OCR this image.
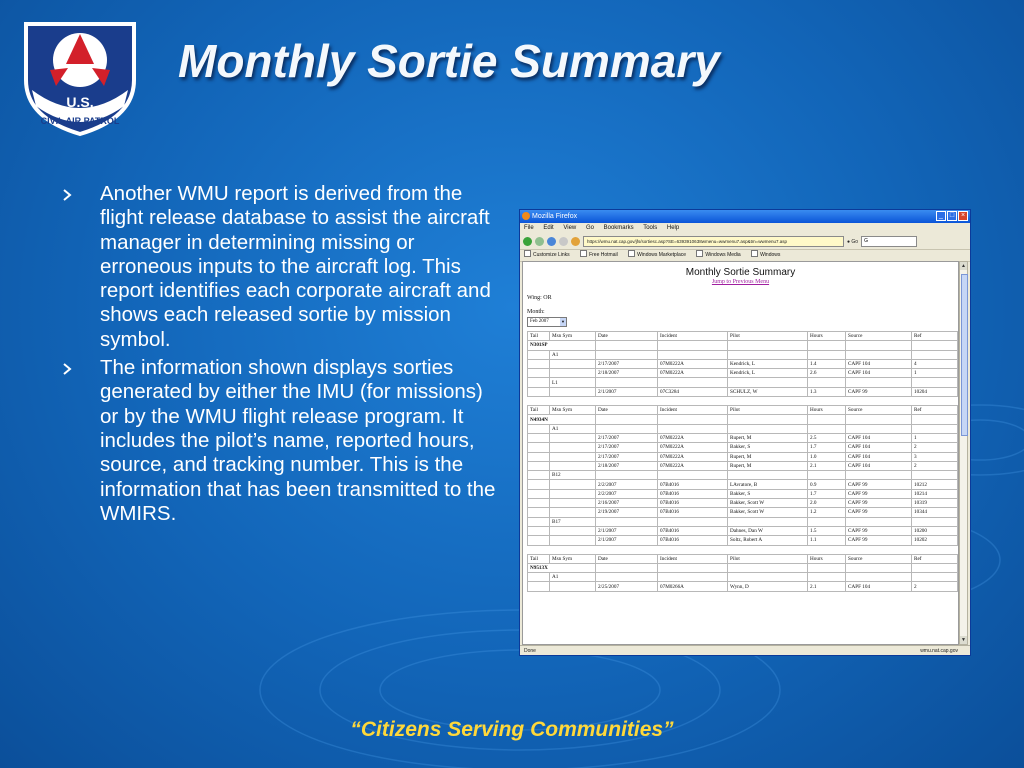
U.S.
CIVIL AIR PATROL
Monthly Sortie Summary
Another WMU report is derived from the flight release database to assist the aircraft manager in determining missing or erroneous inputs to the aircraft log. This report identifies each corporate aircraft and shows each released sortie by mission symbol.
The information shown displays sorties generated by either the IMU (for missions) or by the WMU flight release program. It includes the pilot’s name, reported hours, source, and tracking number. This is the information that has been transmitted to the WMIRS.
Mozilla Firefox	_ □ ×
File Edit View Go Bookmarks Tools Help
https://wmu.nat.cap.gov/jfs/sortiesc.asp?SE=6393910638wmenu=wwmenu7.asp&tm=wwmenu7.asp	● Go	G
Customize Links	Free Hotmail	Windows Marketplace	Windows Media	Windows
Monthly Sortie Summary
Jump to Previous Menu
Wing: OR
Month:
Feb 2007	▼
Tail	Msn Sym	Date	Incident	Pilot	Hours	Source	Ref
N301SP							
	A1						
		2/17/2007	07M0222A	Kendrick, L	1.4	CAPF 104	4
		2/18/2007	07M0222A	Kendrick, L	2.6	CAPF 104	1
	L1						
		2/1/2007	07C3284	SCHULZ, W	1.3	CAPF 99	10204
Tail	Msn Sym	Date	Incident	Pilot	Hours	Source	Ref
N4934N							
	A1						
		2/17/2007	07M0222A	Rupert, M	2.5	CAPF 104	1
		2/17/2007	07M0222A	Bakker, S	1.7	CAPF 104	2
		2/17/2007	07M0222A	Rupert, M	1.0	CAPF 104	3
		2/18/2007	07M0222A	Rupert, M	2.1	CAPF 104	2
	B12						
		2/2/2007	07B4016	LAvratore, B	0.9	CAPF 99	10212
		2/2/2007	07B4016	Bakker, S	1.7	CAPF 99	10214
		2/16/2007	07B4016	Bakker, Scott W	2.0	CAPF 99	10319
		2/19/2007	07B4016	Bakker, Scott W	1.2	CAPF 99	10344
	B17						
		2/1/2007	07B4016	Dahnes, Dan W	1.5	CAPF 99	10200
		2/1/2007	07B4016	Soltz, Robert A	1.1	CAPF 99	10202
Tail	Msn Sym	Date	Incident	Pilot	Hours	Source	Ref
N9513X							
	A1						
		2/25/2007	07M0266A	Wynn, D	2.1	CAPF 104	2
▲
▼
Done	wmu.nat.cap.gov
“Citizens Serving Communities”
